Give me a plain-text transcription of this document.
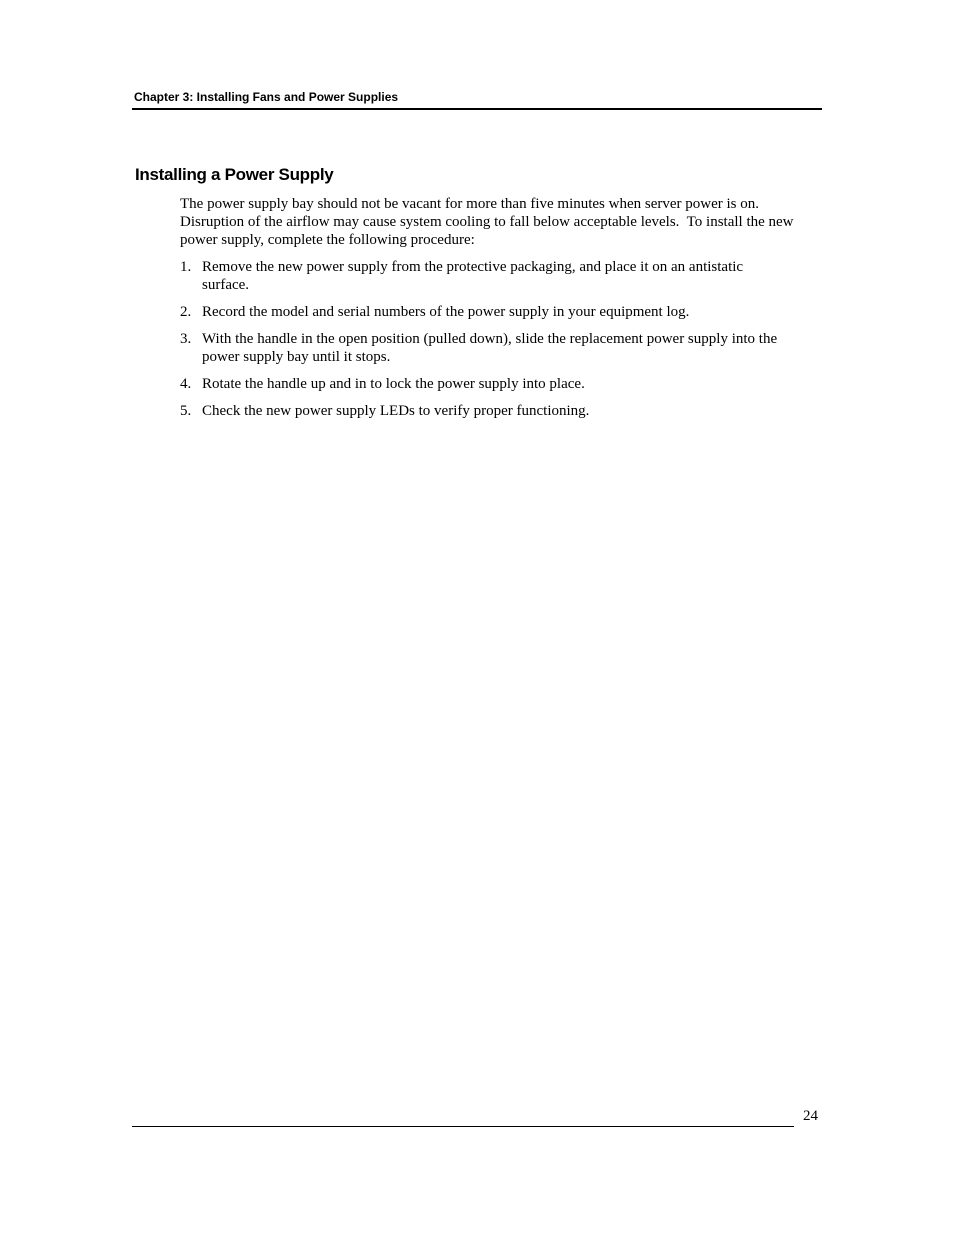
Chapter 3: Installing Fans and Power Supplies
Installing a Power Supply

The power supply bay should not be vacant for more than five minutes when server power is on. Disruption of the airflow may cause system cooling to fall below acceptable levels.  To install the new power supply, complete the following procedure:

1. Remove the new power supply from the protective packaging, and place it on an antistatic surface.
2. Record the model and serial numbers of the power supply in your equipment log.
3. With the handle in the open position (pulled down), slide the replacement power supply into the power supply bay until it stops.
4. Rotate the handle up and in to lock the power supply into place.
5. Check the new power supply LEDs to verify proper functioning.
24
